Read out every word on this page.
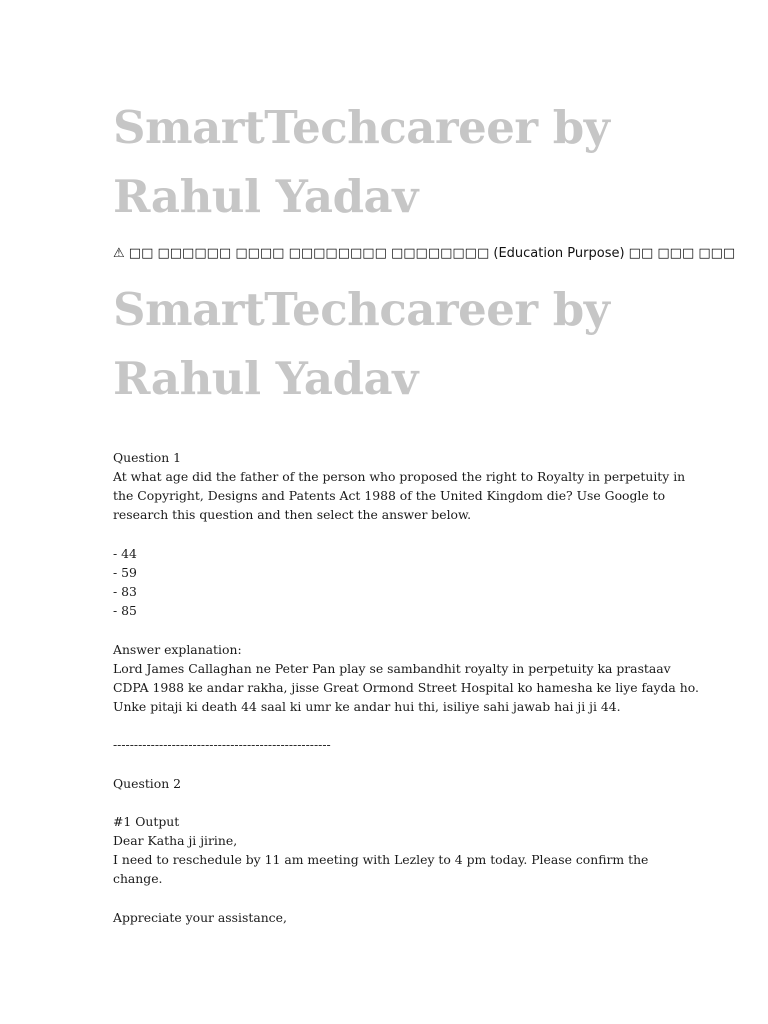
SmartTechcareer by
Rahul Yadav
⚠ □□ □□□□□□ □□□□ □□□□□□□□ □□□□□□□□ (Education Purpose) □□ □□□ □□□
SmartTechcareer by
Rahul Yadav
Question 1
At what age did the father of the person who proposed the right to Royalty in perpetuity in
the Copyright, Designs and Patents Act 1988 of the United Kingdom die? Use Google to
research this question and then select the answer below.
- 44
- 59
- 83
- 85
Answer explanation:
Lord James Callaghan ne Peter Pan play se sambandhit royalty in perpetuity ka prastaav
CDPA 1988 ke andar rakha, jisse Great Ormond Street Hospital ko hamesha ke liye fayda ho.
Unke pitaji ki death 44 saal ki umr ke andar hui thi, isiliye sahi jawab hai ji ji 44.
----------------------------------------------------
Question 2
#1 Output
Dear Katha ji jirine,
I need to reschedule by 11 am meeting with Lezley to 4 pm today. Please confirm the
change.
Appreciate your assistance,
